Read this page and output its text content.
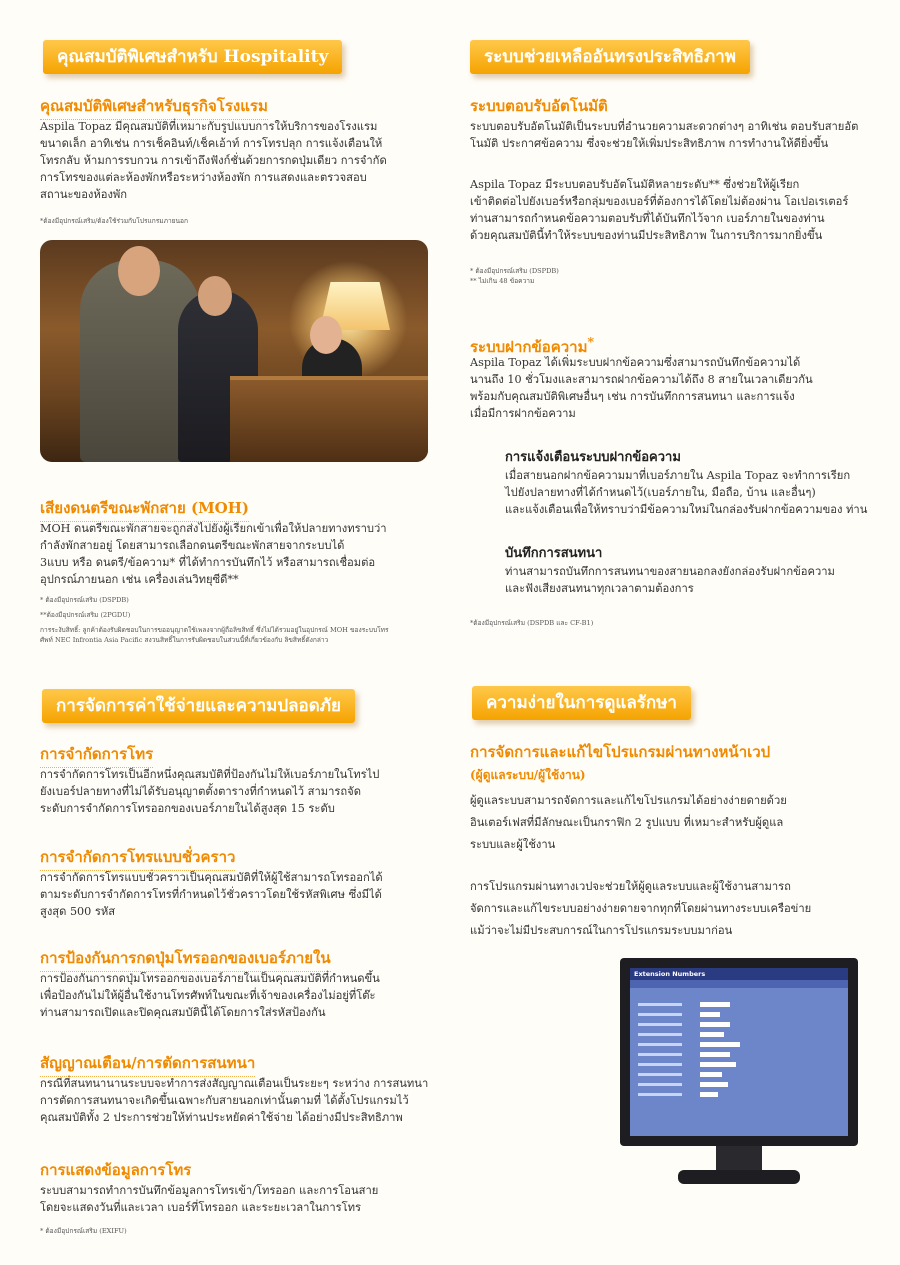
คุณสมบัติพิเศษสำหรับ Hospitality
คุณสมบัติพิเศษสำหรับธุรกิจโรงแรม

Aspila Topaz มีคุณสมบัติที่เหมาะกับรูปแบบการให้บริการของโรงแรม
ขนาดเล็ก อาทิเช่น การเช็คอินท์/เช็คเอ้าท์ การโทรปลุก การแจ้งเตือนให้
โทรกลับ ห้ามการรบกวน การเข้าถึงฟังก์ชั่นด้วยการกดปุ่มเดียว การจำกัด
การโทรของแต่ละห้องพักหรือระหว่างห้องพัก การแสดงและตรวจสอบ
สถานะของห้องพัก

*ต้องมีอุปกรณ์เสริม/ต้องใช้ร่วมกับโปรแกรมภายนอก

เสียงดนตรีขณะพักสาย (MOH)

MOH ดนตรีขณะพักสายจะถูกส่งไปยังผู้เรียกเข้าเพื่อให้ปลายทางทราบว่า
กำลังพักสายอยู่ โดยสามารถเลือกดนตรีขณะพักสายจากระบบได้
3แบบ หรือ ดนตรี/ข้อความ* ที่ได้ทำการบันทึกไว้ หรือสามารถเชื่อมต่อ
อุปกรณ์ภายนอก เช่น เครื่องเล่นวิทยุซีดี**

* ต้องมีอุปกรณ์เสริม (DSPDB)
**ต้องมีอุปกรณ์เสริม (2PGDU)
การระงับสิทธิ์: ลูกค้าต้องรับผิดชอบในการขออนุญาตใช้เพลงจากผู้ถือลิขสิทธิ์ ซึ่งไม่ได้รวมอยู่ในอุปกรณ์ MOH ของระบบโทร
ศัพท์ NEC Infrontia Asia Pacific สงวนสิทธิ์ในการรับผิดชอบในส่วนนี้ที่เกี่ยวข้องกับ ลิขสิทธิ์ดังกล่าว

การจัดการค่าใช้จ่ายและความปลอดภัย
การจำกัดการโทร

การจำกัดการโทรเป็นอีกหนึ่งคุณสมบัติที่ป้องกันไม่ให้เบอร์ภายในโทรไป
ยังเบอร์ปลายทางที่ไม่ได้รับอนุญาตตั้งตารางที่กำหนดไว้ สามารถจัด
ระดับการจำกัดการโทรออกของเบอร์ภายในได้สูงสุด 15 ระดับ

การจำกัดการโทรแบบชั่วคราว

การจำกัดการโทรแบบชั่วคราวเป็นคุณสมบัติที่ให้ผู้ใช้สามารถโทรออกได้
ตามระดับการจำกัดการโทรที่กำหนดไว้ชั่วคราวโดยใช้รหัสพิเศษ ซึ่งมีได้
สูงสุด 500 รหัส

การป้องกันการกดปุ่มโทรออกของเบอร์ภายใน

การป้องกันการกดปุ่มโทรออกของเบอร์ภายในเป็นคุณสมบัติที่กำหนดขึ้น
เพื่อป้องกันไม่ให้ผู้อื่นใช้งานโทรศัพท์ในขณะที่เจ้าของเครื่องไม่อยู่ที่โต๊ะ
ท่านสามารถเปิดและปิดคุณสมบัตินี้ได้โดยการใส่รหัสป้องกัน

สัญญาณเตือน/การตัดการสนทนา

กรณีที่สนทนานานระบบจะทำการส่งสัญญาณเตือนเป็นระยะๆ ระหว่าง การสนทนา
การตัดการสนทนาจะเกิดขึ้นเฉพาะกับสายนอกเท่านั้นตามที่ ได้ตั้งโปรแกรมไว้
คุณสมบัติทั้ง 2 ประการช่วยให้ท่านประหยัดค่าใช้จ่าย ได้อย่างมีประสิทธิภาพ

การแสดงข้อมูลการโทร

ระบบสามารถทำการบันทึกข้อมูลการโทรเข้า/โทรออก และการโอนสาย
โดยจะแสดงวันที่และเวลา เบอร์ที่โทรออก และระยะเวลาในการโทร

* ต้องมีอุปกรณ์เสริม (EXIFU)

ระบบช่วยเหลืออันทรงประสิทธิภาพ
ระบบตอบรับอัตโนมัติ

ระบบตอบรับอัตโนมัติเป็นระบบที่อำนวยความสะดวกต่างๆ อาทิเช่น ตอบรับสายอัต
โนมัติ ประกาศข้อความ ซึ่งจะช่วยให้เพิ่มประสิทธิภาพ การทำงานให้ดียิ่งขึ้น

Aspila Topaz มีระบบตอบรับอัตโนมัติหลายระดับ** ซึ่งช่วยให้ผู้เรียก
เข้าติดต่อไปยังเบอร์หรือกลุ่มของเบอร์ที่ต้องการได้โดยไม่ต้องผ่าน โอเปอเรเตอร์
ท่านสามารถกำหนดข้อความตอบรับที่ได้บันทึกไว้จาก เบอร์ภายในของท่าน
ด้วยคุณสมบัตินี้ทำให้ระบบของท่านมีประสิทธิภาพ ในการบริการมากยิ่งขึ้น

* ต้องมีอุปกรณ์เสริม (DSPDB)
** ไม่เกิน 48 ข้อความ

ระบบฝากข้อความ*

Aspila Topaz ได้เพิ่มระบบฝากข้อความซึ่งสามารถบันทึกข้อความได้
นานถึง 10 ชั่วโมงและสามารถฝากข้อความได้ถึง 8 สายในเวลาเดียวกัน
พร้อมกับคุณสมบัติพิเศษอื่นๆ เช่น การบันทึกการสนทนา และการแจ้ง
เมื่อมีการฝากข้อความ

การแจ้งเตือนระบบฝากข้อความ

เมื่อสายนอกฝากข้อความมาที่เบอร์ภายใน Aspila Topaz จะทำการเรียก
ไปยังปลายทางที่ได้กำหนดไว้(เบอร์ภายใน, มือถือ, บ้าน และอื่นๆ)
และแจ้งเตือนเพื่อให้ทราบว่ามีข้อความใหม่ในกล่องรับฝากข้อความของ ท่าน

บันทึกการสนทนา

ท่านสามารถบันทึกการสนทนาของสายนอกลงยังกล่องรับฝากข้อความ
และฟังเสียงสนทนาทุกเวลาตามต้องการ

*ต้องมีอุปกรณ์เสริม (DSPDB และ CF-B1)

ความง่ายในการดูแลรักษา
การจัดการและแก้ไขโปรแกรมผ่านทางหน้าเวป
(ผู้ดูแลระบบ/ผู้ใช้งาน)

ผู้ดูแลระบบสามารถจัดการและแก้ไขโปรแกรมได้อย่างง่ายดายด้วย
อินเตอร์เฟสที่มีลักษณะเป็นกราฟิก 2 รูปแบบ ที่เหมาะสำหรับผู้ดูแล
ระบบและผู้ใช้งาน

การโปรแกรมผ่านทางเวปจะช่วยให้ผู้ดูแลระบบและผู้ใช้งานสามารถ
จัดการและแก้ไขระบบอย่างง่ายดายจากทุกที่โดยผ่านทางระบบเครือข่าย
แม้ว่าจะไม่มีประสบการณ์ในการโปรแกรมระบบมาก่อน

Extension Numbers
